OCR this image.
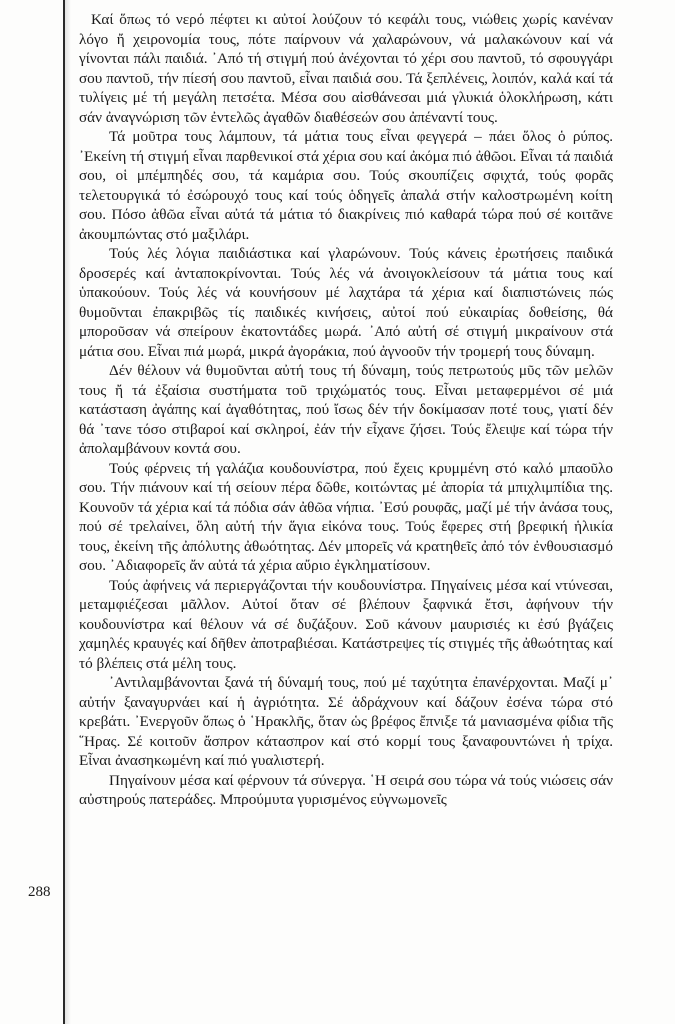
Καί ὅπως τό νερό πέφτει κι αὐτοί λούζουν τό κεφάλι τους, νιώθεις χωρίς κανέναν λόγο ἤ χειρονομία τους, πότε παίρνουν νά χαλαρώνουν, νά μαλακώνουν καί νά γίνονται πάλι παιδιά. ᾿Από τή στιγμή πού ἀνέχονται τό χέρι σου παντοῦ, τό σφουγγάρι σου παντοῦ, τήν πίεσή σου παντοῦ, εἶναι παιδιά σου. Τά ξεπλένεις, λοιπόν, καλά καί τά τυλίγεις μέ τή μεγάλη πετσέτα. Μέσα σου αἰσθάνεσαι μιά γλυκιά ὁλοκλήρωση, κάτι σάν ἀναγνώριση τῶν ἐντελῶς ἀγαθῶν διαθέσεών σου ἀπέναντί τους.

Τά μοῦτρα τους λάμπουν, τά μάτια τους εἶναι φεγγερά – πάει ὅλος ὁ ρύπος. ᾿Εκείνη τή στιγμή εἶναι παρθενικοί στά χέρια σου καί ἀκόμα πιό ἀθῶοι. Εἶναι τά παιδιά σου, οἱ μπέμπηδές σου, τά καμάρια σου. Τούς σκουπίζεις σφιχτά, τούς φορᾶς τελετουργικά τό ἐσώρουχό τους καί τούς ὁδηγεῖς ἁπαλά στήν καλοστρωμένη κοίτη σου. Πόσο ἀθῶα εἶναι αὐτά τά μάτια τό διακρίνεις πιό καθαρά τώρα πού σέ κοιτᾶνε ἀκουμπώντας στό μαξιλάρι.

Τούς λές λόγια παιδιάστικα καί γλαρώνουν. Τούς κάνεις ἐρωτήσεις παιδικά δροσερές καί ἀνταποκρίνονται. Τούς λές νά ἀνοιγοκλείσουν τά μάτια τους καί ὑπακούουν. Τούς λές νά κουνήσουν μέ λαχτάρα τά χέρια καί διαπιστώνεις πώς θυμοῦνται ἐπακριβῶς τίς παιδικές κινήσεις, αὐτοί πού εὐκαιρίας δοθείσης, θά μποροῦσαν νά σπείρουν ἑκατοντάδες μωρά. ᾿Από αὐτή σέ στιγμή μικραίνουν στά μάτια σου. Εἶναι πιά μωρά, μικρά ἀγοράκια, πού ἀγνοοῦν τήν τρομερή τους δύναμη.

Δέν θέλουν νά θυμοῦνται αὐτή τους τή δύναμη, τούς πετρωτούς μῦς τῶν μελῶν τους ἤ τά ἐξαίσια συστήματα τοῦ τριχώματός τους. Εἶναι μεταφερμένοι σέ μιά κατάσταση ἀγάπης καί ἀγαθότητας, πού ἴσως δέν τήν δοκίμασαν ποτέ τους, γιατί δέν θά ᾽τανε τόσο στιβαροί καί σκληροί, ἐάν τήν εἶχανε ζήσει. Τούς ἔλειψε καί τώρα τήν ἀπολαμβάνουν κοντά σου.

Τούς φέρνεις τή γαλάζια κουδουνίστρα, πού ἔχεις κρυμμένη στό καλό μπαοῦλο σου. Τήν πιάνουν καί τή σείουν πέρα δῶθε, κοιτώντας μέ ἀπορία τά μπιχλιμπίδια της. Κουνοῦν τά χέρια καί τά πόδια σάν ἀθῶα νήπια. ᾿Εσύ ρουφᾶς, μαζί μέ τήν ἀνάσα τους, πού σέ τρελαίνει, ὅλη αὐτή τήν ἅγια εἰκόνα τους. Τούς ἔφερες στή βρεφική ἡλικία τους, ἐκείνη τῆς ἀπόλυτης ἀθωότητας. Δέν μπορεῖς νά κρατηθεῖς ἀπό τόν ἐνθουσιασμό σου. ᾿Αδιαφορεῖς ἄν αὐτά τά χέρια αὔριο ἐγκληματίσουν.

Τούς ἀφήνεις νά περιεργάζονται τήν κουδουνίστρα. Πηγαίνεις μέσα καί ντύνεσαι, μεταμφιέζεσαι μᾶλλον. Αὐτοί ὅταν σέ βλέπουν ξαφνικά ἔτσι, ἀφήνουν τήν κουδουνίστρα καί θέλουν νά σέ δυζάξουν. Σοῦ κάνουν μαυρισιές κι ἐσύ βγάζεις χαμηλές κραυγές καί δῆθεν ἀποτραβιέσαι. Κατάστρεψες τίς στιγμές τῆς ἀθωότητας καί τό βλέπεις στά μέλη τους.

᾿Αντιλαμβάνονται ξανά τή δύναμή τους, πού μέ ταχύτητα ἐπανέρχονται. Μαζί μ᾽ αὐτήν ξαναγυρνάει καί ἡ ἀγριότητα. Σέ ἁδράχνουν καί δάζουν ἐσένα τώρα στό κρεβάτι. ᾿Ενεργοῦν ὅπως ὁ ῾Ηρακλῆς, ὅταν ὡς βρέφος ἔπνιξε τά μανιασμένα φίδια τῆς ῞Ηρας. Σέ κοιτοῦν ἄσπρον κάτασπρον καί στό κορμί τους ξαναφουντώνει ἡ τρίχα. Εἶναι ἀνασηκωμένη καί πιό γυαλιστερή.

Πηγαίνουν μέσα καί φέρνουν τά σύνεργα. ῾Η σειρά σου τώρα νά τούς νιώσεις σάν αὐστηρούς πατεράδες. Μπρούμυτα γυρισμένος εὐγνωμονεῖς

288
